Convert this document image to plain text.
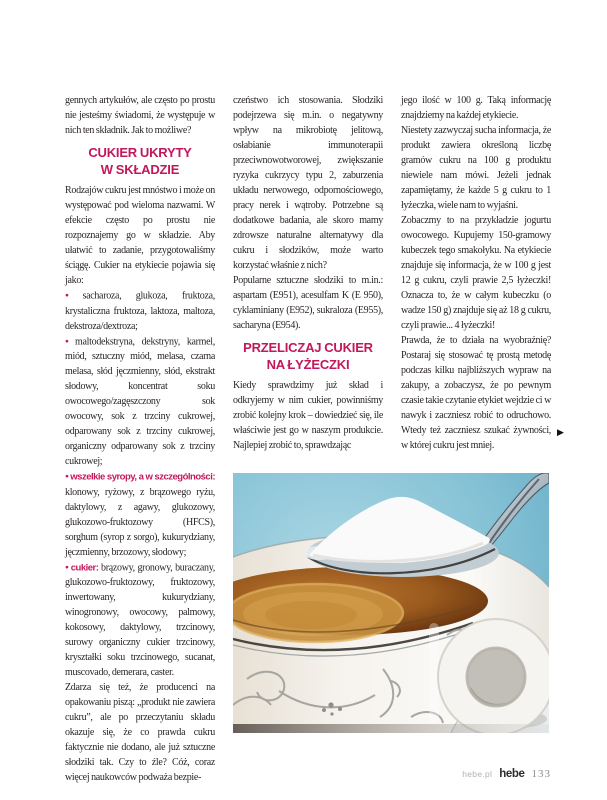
gennych artykułów, ale często po prostu nie jesteśmy świadomi, że występuje w nich ten składnik. Jak to możliwe?

CUKIER UKRYTY
W SKŁADZIE

Rodzajów cukru jest mnóstwo i może on występować pod wieloma nazwami. W efekcie często po prostu nie rozpoznajemy go w składzie. Aby ułatwić to zadanie, przygotowaliśmy ściągę. Cukier na etykiecie pojawia się jako:

●sacharoza, glukoza, fruktoza, krystaliczna fruktoza, laktoza, maltoza, dekstroza/dextroza;
●maltodekstryna, dekstryny, karmel, miód, sztuczny miód, melasa, czarna melasa, słód jęczmienny, słód, ekstrakt słodowy, koncentrat soku owocowego/zagęszczony sok owocowy, sok z trzciny cukrowej, odparowany sok z trzciny cukrowej, organiczny odparowany sok z trzciny cukrowej;
●wszelkie syropy, a w szczególności: klonowy, ryżowy, z brązowego ryżu, daktylowy, z agawy, glukozowy, glukozowo-fruktozowy (HFCS), sorghum (syrop z sorgo), kukurydziany, jęczmienny, brzozowy, słodowy;
●cukier: brązowy, gronowy, buraczany, glukozowo-fruktozowy, fruktozowy, inwertowany, kukurydziany, winogronowy, owocowy, palmowy, kokosowy, daktylowy, trzcinowy, surowy organiczny cukier trzcinowy, kryształki soku trzcinowego, sucanat, muscovado, demerara, caster.

Zdarza się też, że producenci na opakowaniu piszą: „produkt nie zawiera cukru”, ale po przeczytaniu składu okazuje się, że co prawda cukru faktycznie nie dodano, ale już sztuczne słodziki tak. Czy to źle? Cóż, coraz więcej naukowców podważa bezpie-

czeństwo ich stosowania. Słodziki podejrzewa się m.in. o negatywny wpływ na mikrobiotę jelitową, osłabianie immunoterapii przeciwnowotworowej, zwiększanie ryzyka cukrzycy typu 2, zaburzenia układu nerwowego, odpornościowego, pracy nerek i wątroby. Potrzebne są dodatkowe badania, ale skoro mamy zdrowsze naturalne alternatywy dla cukru i słodzików, może warto korzystać właśnie z nich?

Popularne sztuczne słodziki to m.in.: aspartam (E951), acesulfam K (E 950), cyklaminiany (E952), sukraloza (E955), sacharyna (E954).

PRZELICZAJ CUKIER
NA ŁYŻECZKI

Kiedy sprawdzimy już skład i odkryjemy w nim cukier, powinniśmy zrobić kolejny krok – dowiedzieć się, ile właściwie jest go w naszym produkcie. Najlepiej zrobić to, sprawdzając

jego ilość w 100 g. Taką informację znajdziemy na każdej etykiecie.

Niestety zazwyczaj sucha informacja, że produkt zawiera określoną liczbę gramów cukru na 100 g produktu niewiele nam mówi. Jeżeli jednak zapamiętamy, że każde 5 g cukru to 1 łyżeczka, wiele nam to wyjaśni.

Zobaczmy to na przykładzie jogurtu owocowego. Kupujemy 150-gramowy kubeczek tego smakołyku. Na etykiecie znajduje się informacja, że w 100 g jest 12 g cukru, czyli prawie 2,5 łyżeczki! Oznacza to, że w całym kubeczku (o wadze 150 g) znajduje się aż 18 g cukru, czyli prawie... 4 łyżeczki!

Prawda, że to działa na wyobraźnię? Postaraj się stosować tę prostą metodę podczas kilku najbliższych wypraw na zakupy, a zobaczysz, że po pewnym czasie takie czytanie etykiet wejdzie ci w nawyk i zaczniesz robić to odruchowo. Wtedy też zaczniesz szukać żywności, w której cukru jest mniej.

▶
hebe.pl hebe 133
